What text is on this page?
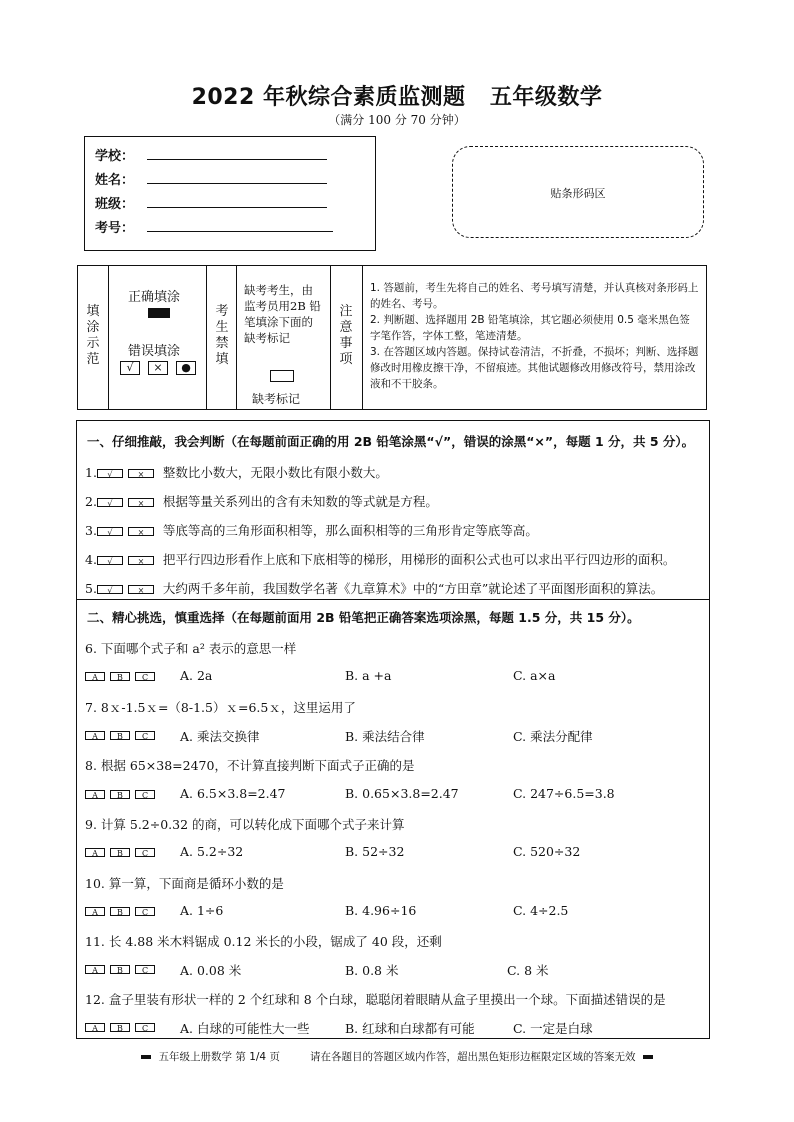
2022 年秋综合素质监测题   五年级数学
（满分 100 分 70 分钟）
学校：
姓名：
班级：
考号：
贴条形码区
填涂示范
正确填涂
错误填涂
√	×	●
考生禁填
缺考考生，由监考员用2B 铅笔填涂下面的缺考标记
缺考标记
注意事项
1. 答题前，考生先将自己的姓名、考号填写清楚，并认真核对条形码上的姓名、考号。
2. 判断题、选择题用 2B 铅笔填涂，其它题必须使用 0.5 毫米黑色签字笔作答，字体工整，笔迹清楚。
3. 在答题区域内答题。保持试卷清洁，不折叠，不损坏；判断、选择题修改时用橡皮擦干净，不留痕迹。其他试题修改用修改符号，禁用涂改液和不干胶条。
一、仔细推敲，我会判断（在每题前面正确的用 2B 铅笔涂黑“√”，错误的涂黑“×”，每题 1 分，共 5 分）。
1. √	× 整数比小数大，无限小数比有限小数大。
2. √	× 根据等量关系列出的含有未知数的等式就是方程。
3. √	× 等底等高的三角形面积相等，那么面积相等的三角形肯定等底等高。
4. √	× 把平行四边形看作上底和下底相等的梯形，用梯形的面积公式也可以求出平行四边形的面积。
5. √	× 大约两千多年前，我国数学名著《九章算术》中的“方田章”就论述了平面图形面积的算法。
二、精心挑选，慎重选择（在每题前面用 2B 铅笔把正确答案选项涂黑，每题 1.5 分，共 15 分）。
6. 下面哪个式子和 a² 表示的意思一样
A B C	A. 2a	B. a +a	C. a×a
7. 8ｘ-1.5ｘ=（8-1.5）ｘ=6.5ｘ，这里运用了
A B C	A. 乘法交换律	B. 乘法结合律	C. 乘法分配律
8. 根据 65×38=2470，不计算直接判断下面式子正确的是
A B C	A. 6.5×3.8=2.47	B. 0.65×3.8=2.47	C. 247÷6.5=3.8
9. 计算 5.2÷0.32 的商，可以转化成下面哪个式子来计算
A B C	A. 5.2÷32	B. 52÷32	C. 520÷32
10. 算一算，下面商是循环小数的是
A B C	A. 1÷6	B. 4.96÷16	C. 4÷2.5
11. 长 4.88 米木料锯成 0.12 米长的小段，锯成了 40 段，还剩
A B C	A. 0.08 米	B. 0.8 米	C. 8 米
12. 盒子里装有形状一样的 2 个红球和 8 个白球，聪聪闭着眼睛从盒子里摸出一个球。下面描述错误的是
A B C	A. 白球的可能性大一些	B. 红球和白球都有可能	C. 一定是白球
五年级上册数学 第 1/4 页	请在各题目的答题区域内作答，超出黑色矩形边框限定区域的答案无效
